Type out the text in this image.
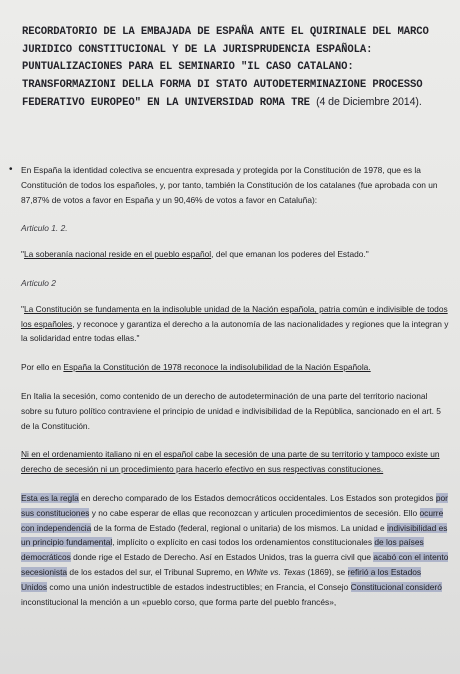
RECORDATORIO DE LA EMBAJADA DE ESPAÑA ANTE EL QUIRINALE DEL MARCO JURIDICO CONSTITUCIONAL Y DE LA JURISPRUDENCIA ESPAÑOLA: PUNTUALIZACIONES PARA EL SEMINARIO "IL CASO CATALANO: TRANSFORMAZIONI DELLA FORMA DI STATO AUTODETERMINAZIONE PROCESSO FEDERATIVO EUROPEO" EN LA UNIVERSIDAD ROMA TRE (4 de Diciembre 2014).

• En España la identidad colectiva se encuentra expresada y protegida por la Constitución de 1978, que es la Constitución de todos los españoles, y, por tanto, también la Constitución de los catalanes (fue aprobada con un 87,87% de votos a favor en España y un 90,46% de votos a favor en Cataluña):

Articulo 1. 2.

"La soberanía nacional reside en el pueblo español, del que emanan los poderes del Estado."

Articulo 2

"La Constitución se fundamenta en la indisoluble unidad de la Nación española, patria común e indivisible de todos los españoles, y reconoce y garantiza el derecho a la autonomía de las nacionalidades y regiones que la integran y la solidaridad entre todas ellas."

Por ello en España la Constitución de 1978 reconoce la indisolubilidad de la Nación Española.

En Italia la secesión, como contenido de un derecho de autodeterminación de una parte del territorio nacional sobre su futuro político contraviene el principio de unidad e indivisibilidad de la República, sancionado en el art. 5 de la Constitución.

Ni en el ordenamiento italiano ni en el español cabe la secesión de una parte de su territorio y tampoco existe un derecho de secesión ni un procedimiento para hacerlo efectivo en sus respectivas constituciones.

Esta es la regla en derecho comparado de los Estados democráticos occidentales. Los Estados son protegidos por sus constituciones y no cabe esperar de ellas que reconozcan y articulen procedimientos de secesión. Ello ocurre con independencia de la forma de Estado (federal, regional o unitaria) de los mismos. La unidad e indivisibilidad es un principio fundamental, implícito o explícito en casi todos los ordenamientos constitucionales de los países democráticos donde rige el Estado de Derecho. Así en Estados Unidos, tras la guerra civil que acabó con el intento secesionista de los estados del sur, el Tribunal Supremo, en White vs. Texas (1869), se refirió a los Estados Unidos como una unión indestructible de estados indestructibles; en Francia, el Consejo Constitucional consideró inconstitucional la mención a un «pueblo corso, que forma parte del pueblo francés»,
